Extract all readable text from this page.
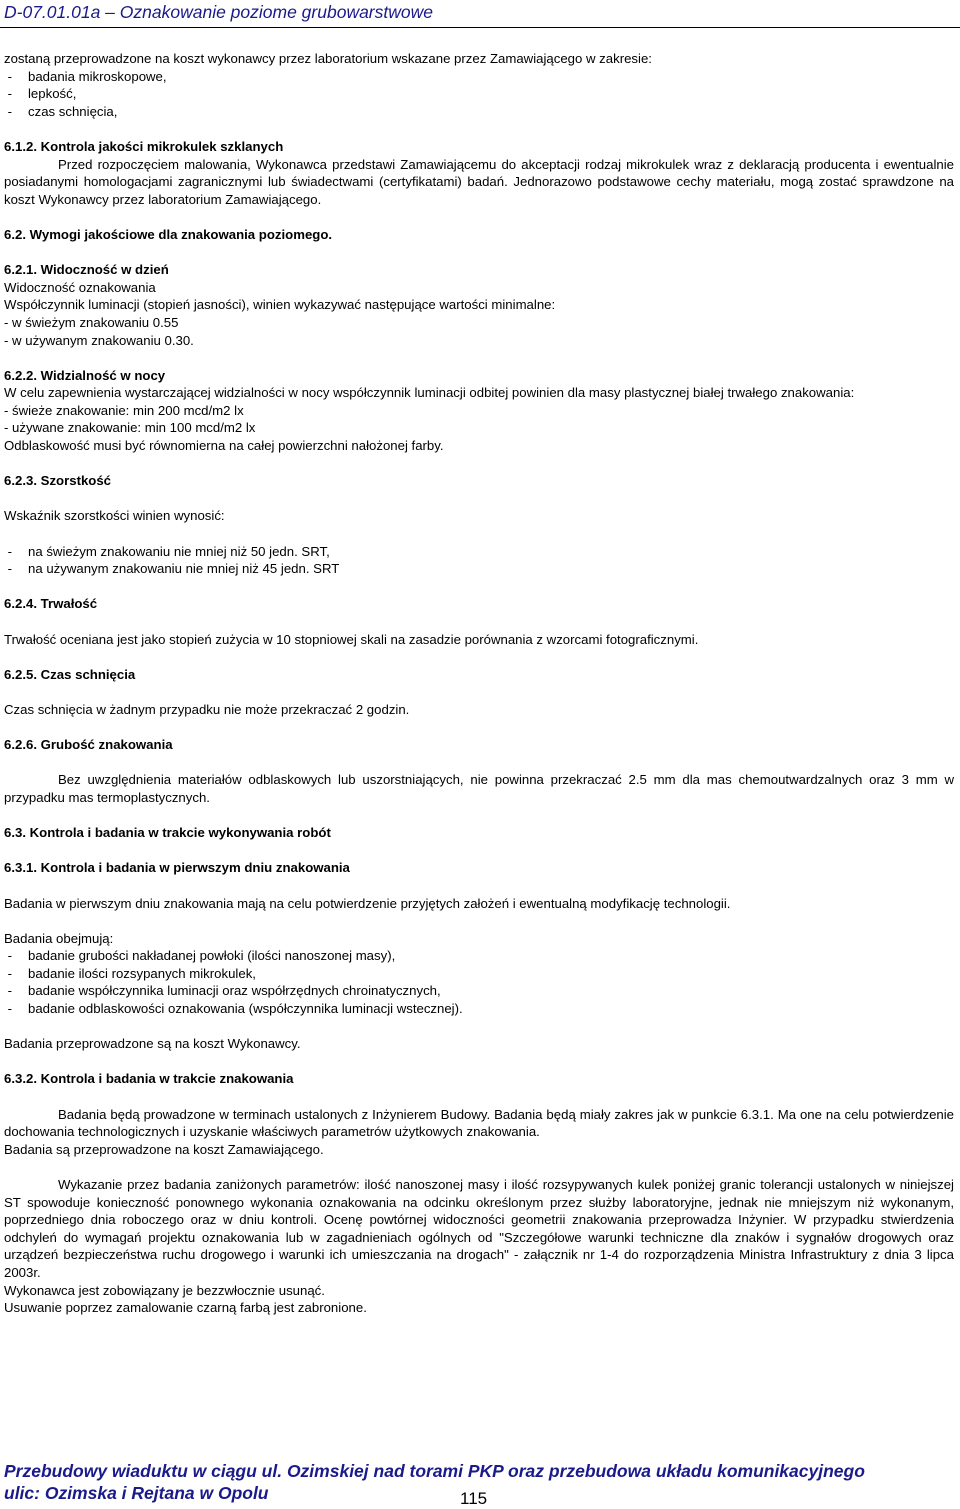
D-07.01.01a – Oznakowanie poziome grubowarstwowe

zostaną przeprowadzone na koszt wykonawcy przez laboratorium wskazane przez Zamawiającego w zakresie:

- badania mikroskopowe,

- lepkość,

- czas schnięcia,

6.1.2. Kontrola jakości mikrokulek szklanych

Przed rozpoczęciem malowania, Wykonawca przedstawi Zamawiającemu do akceptacji rodzaj mikrokulek wraz z deklaracją producenta i ewentualnie posiadanymi homologacjami zagranicznymi lub świadectwami (certyfikatami) badań. Jednorazowo podstawowe cechy materiału, mogą zostać sprawdzone na koszt Wykonawcy przez laboratorium Zamawiającego.

6.2. Wymogi jakościowe dla znakowania poziomego.

6.2.1. Widoczność w dzień

Widoczność oznakowania

Współczynnik luminacji (stopień jasności), winien wykazywać następujące wartości minimalne:

- w świeżym znakowaniu 0.55

- w używanym znakowaniu 0.30.

6.2.2. Widzialność w nocy

W celu zapewnienia wystarczającej widzialności w nocy współczynnik luminacji odbitej powinien dla masy plastycznej białej trwałego znakowania:

- świeże znakowanie: min 200 mcd/m2 lx

- używane znakowanie: min 100 mcd/m2 lx

Odblaskowość musi być równomierna na całej powierzchni nałożonej farby.

6.2.3. Szorstkość

Wskaźnik szorstkości winien wynosić:

- na świeżym znakowaniu nie mniej niż 50 jedn. SRT,

- na używanym znakowaniu nie mniej niż 45 jedn. SRT

6.2.4. Trwałość

Trwałość oceniana jest jako stopień zużycia w 10 stopniowej skali na zasadzie porównania z wzorcami fotograficznymi.

6.2.5. Czas schnięcia

Czas schnięcia w żadnym przypadku nie może przekraczać 2 godzin.

6.2.6. Grubość znakowania

Bez uwzględnienia materiałów odblaskowych lub uszorstniających, nie powinna przekraczać 2.5 mm dla mas chemoutwardzalnych oraz 3 mm w przypadku mas termoplastycznych.

6.3. Kontrola i badania w trakcie wykonywania robót

6.3.1. Kontrola i badania w pierwszym dniu znakowania

Badania w pierwszym dniu znakowania mają na celu potwierdzenie przyjętych założeń i ewentualną modyfikację technologii.

Badania obejmują:

- badanie grubości nakładanej powłoki (ilości nanoszonej masy),

- badanie ilości rozsypanych mikrokulek,

- badanie współczynnika luminacji oraz współrzędnych chroinatycznych,

- badanie odblaskowości oznakowania (współczynnika luminacji wstecznej).

Badania przeprowadzone są na koszt Wykonawcy.

6.3.2. Kontrola i badania w trakcie znakowania

Badania będą prowadzone w terminach ustalonych z Inżynierem Budowy. Badania będą miały zakres jak w punkcie 6.3.1. Ma one na celu potwierdzenie dochowania technologicznych i uzyskanie właściwych parametrów użytkowych znakowania.

Badania są przeprowadzone na koszt Zamawiającego.

Wykazanie przez badania zaniżonych parametrów: ilość nanoszonej masy i ilość rozsypywanych kulek poniżej granic tolerancji ustalonych w niniejszej ST spowoduje konieczność ponownego wykonania oznakowania na odcinku określonym przez służby laboratoryjne, jednak nie mniejszym niż wykonanym, poprzedniego dnia roboczego oraz w dniu kontroli. Ocenę powtórnej widoczności geometrii znakowania przeprowadza Inżynier. W przypadku stwierdzenia odchyleń do wymagań projektu oznakowania lub w zagadnieniach ogólnych od "Szczegółowe warunki techniczne dla znaków i sygnałów drogowych oraz urządzeń bezpieczeństwa ruchu drogowego i warunki ich umieszczania na drogach" - załącznik nr 1-4 do rozporządzenia Ministra Infrastruktury z dnia 3 lipca 2003r.

Wykonawca jest zobowiązany je bezzwłocznie usunąć.

Usuwanie poprzez zamalowanie czarną farbą jest zabronione.

Przebudowy wiaduktu w ciągu ul. Ozimskiej nad torami PKP oraz przebudowa układu komunikacyjnego
ulic: Ozimska i Rejtana w Opolu	115
